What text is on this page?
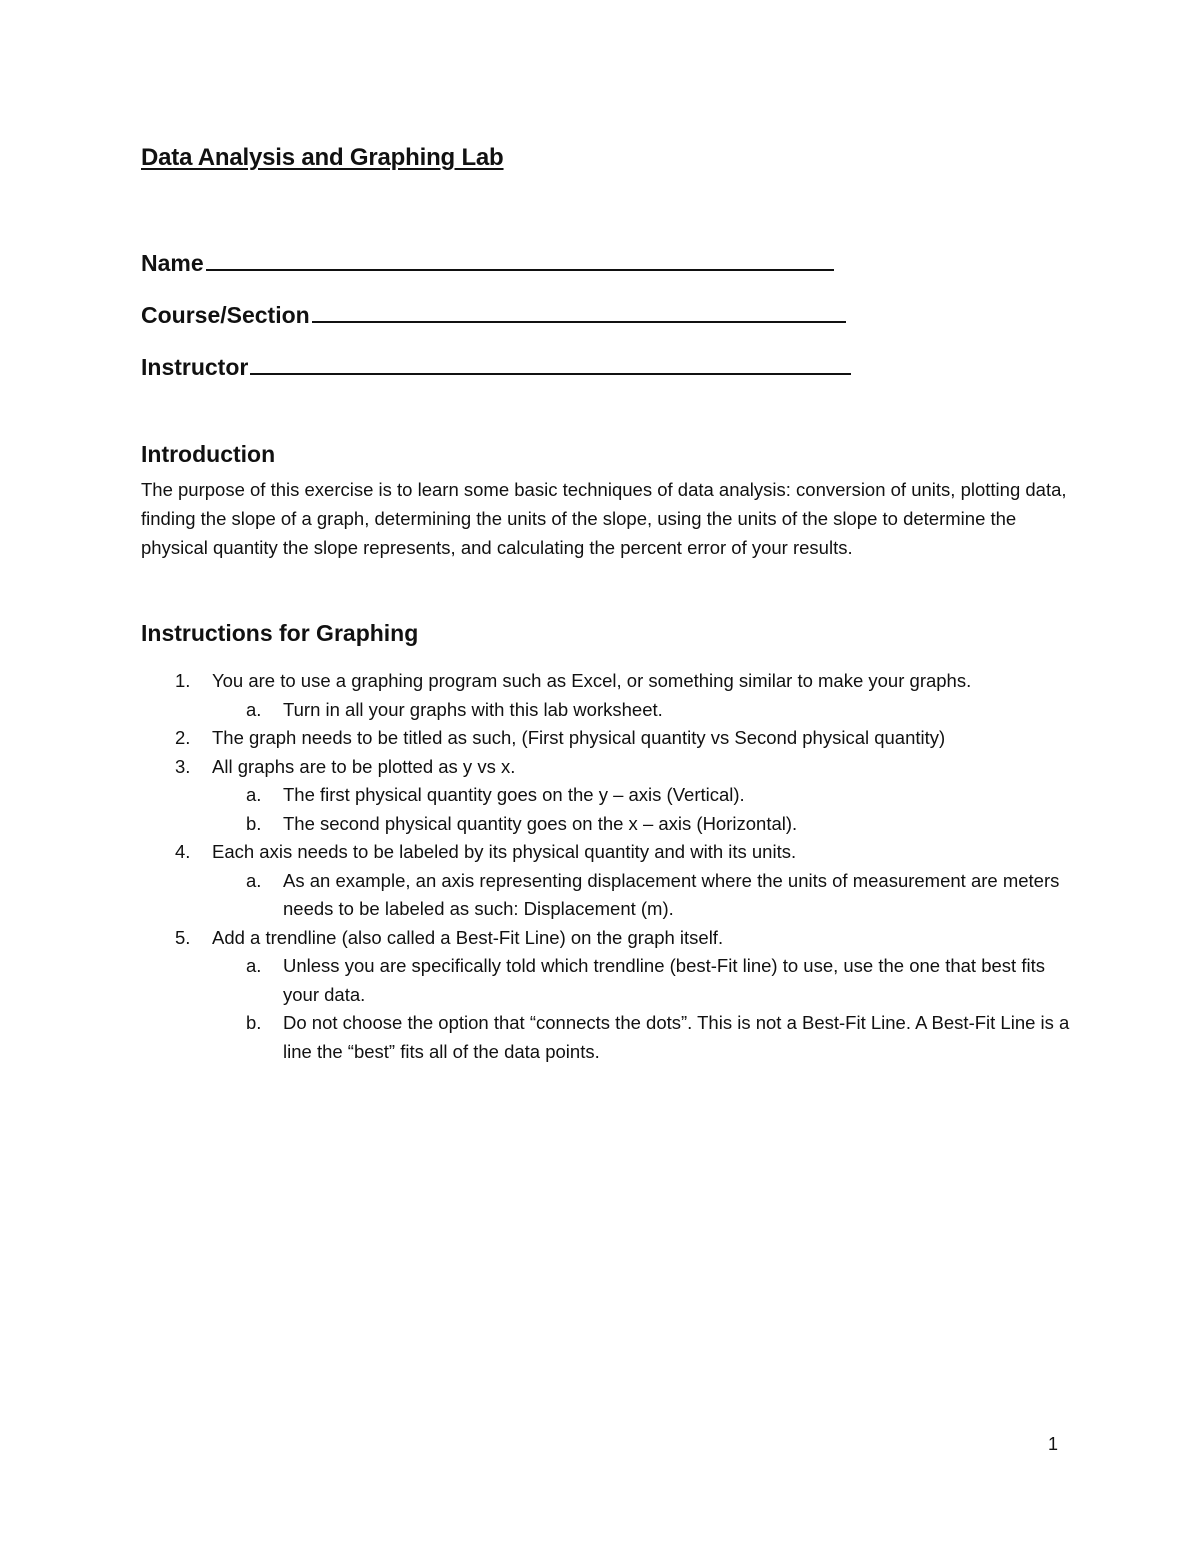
Data Analysis and Graphing Lab
Name
Course/Section
Instructor
Introduction
The purpose of this exercise is to learn some basic techniques of data analysis: conversion of units, plotting data, finding the slope of a graph, determining the units of the slope, using the units of the slope to determine the physical quantity the slope represents, and calculating the percent error of your results.
Instructions for Graphing
1. You are to use a graphing program such as Excel, or something similar to make your graphs.
a. Turn in all your graphs with this lab worksheet.
2. The graph needs to be titled as such, (First physical quantity vs Second physical quantity)
3. All graphs are to be plotted as y vs x.
a. The first physical quantity goes on the y – axis (Vertical).
b. The second physical quantity goes on the x – axis (Horizontal).
4. Each axis needs to be labeled by its physical quantity and with its units.
a. As an example, an axis representing displacement where the units of measurement are meters needs to be labeled as such: Displacement (m).
5. Add a trendline (also called a Best-Fit Line) on the graph itself.
a. Unless you are specifically told which trendline (best-Fit line) to use, use the one that best fits your data.
b. Do not choose the option that “connects the dots”. This is not a Best-Fit Line. A Best-Fit Line is a line the “best” fits all of the data points.
1
